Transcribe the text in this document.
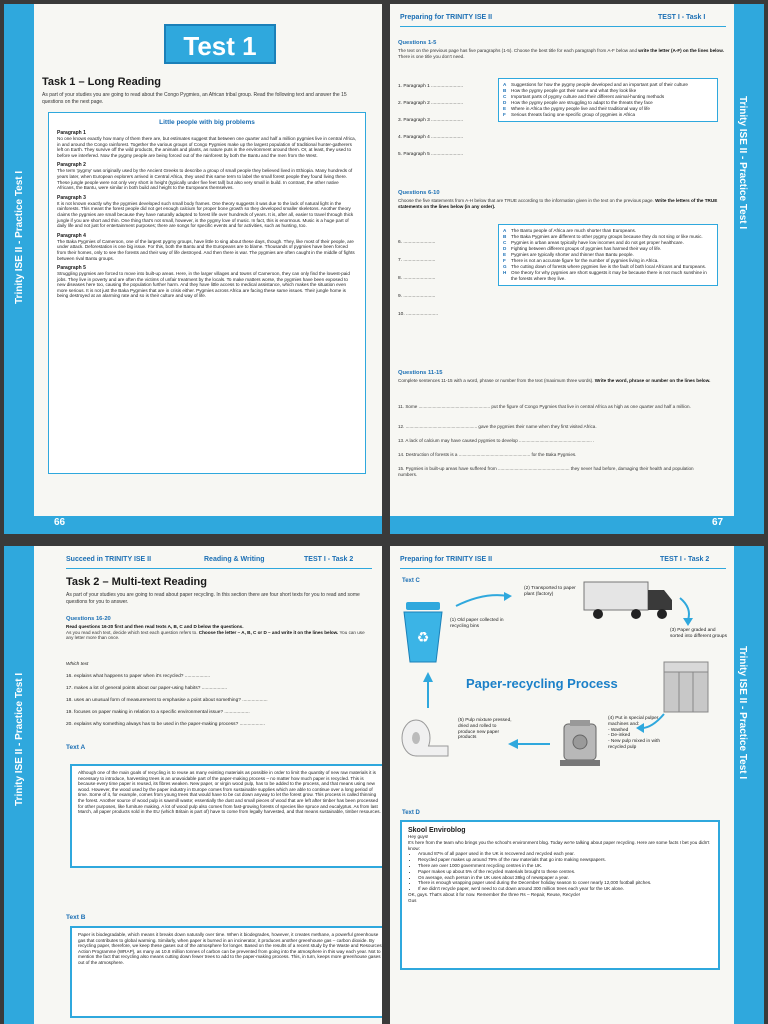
Trinity ISE II - Practice Test I
66
Test 1
Task 1 – Long Reading
As part of your studies you are going to read about the Congo Pygmies, an African tribal group. Read the following text and answer the 15 questions on the next page.
Little people with big problems
Paragraph 1
No one knows exactly how many of them there are, but estimates suggest that between one quarter and half a million pygmies live in central Africa, in and around the Congo rainforest. Together the various groups of Congo Pygmies make up the largest population of traditional hunter-gatherers left on Earth. They survive off the wild products, the animals and plants, as nature puts in the environment around them. Or, at least, they used to before we interfered. Now the pygmy people are being forced out of the rainforest by both the Bantu and the men from the West.
Paragraph 2
The term 'pygmy' was originally used by the Ancient Greeks to describe a group of small people they believed lived in Ethiopia. Many hundreds of years later, when European explorers arrived in Central Africa, they used this same term to label the small forest people they found living there. These jungle people were not only very short in height (typically under five feet tall) but also very small in build. In contrast, the other native Africans, the Bantu, were similar in both build and height to the Europeans themselves.
Paragraph 3
It is not known exactly why the pygmies developed such small body frames. One theory suggests it was due to the lack of natural light in the rainforests. This meant the forest people did not get enough calcium for proper bone growth so they developed smaller skeletons. Another theory claims the pygmies are small because they have naturally adapted to forest life over hundreds of years. It is, after all, easier to travel through thick jungle if you are short and thin. One thing that's not small, however, is the pygmy love of music. In fact, this is enormous. Music is a huge part of daily life and not just for entertainment purposes; there are songs for specific events and for activities, such as hunting, too.
Paragraph 4
The Baka Pygmies of Cameroon, one of the largest pygmy groups, have little to sing about these days, though. They, like most of their people, are under attack. Deforestation is one big issue. For this, both the Bantu and the Europeans are to blame. Thousands of pygmies have been forced from their homes, only to see the forests and their way of life destroyed. And then there is war. The pygmies are often caught in the middle of fights between rival Bantu groups.
Paragraph 5
Struggling pygmies are forced to move into built-up areas. Here, in the larger villages and towns of Cameroon, they can only find the lowest-paid jobs. They live in poverty and are often the victims of unfair treatment by the locals. To make matters worse, the pygmies have been exposed to new diseases here too, causing the population further harm. And they have little access to medical assistance, which makes the situation even more serious. It is not just the Baka Pygmies that are in crisis either. Pygmies across Africa are facing these same issues. Their jungle home is being destroyed at an alarming rate and so is their culture and way of life.
Trinity ISE II - Practice Test I
67
Preparing for TRINITY ISE II	TEST I - Task I
Questions 1-5
The text on the previous page has five paragraphs (1-5). Choose the best title for each paragraph from A-F below and write the letter (A-F) on the lines below. There is one title you don't need.
1. Paragraph 1 ........................
2. Paragraph 2 ........................
3. Paragraph 3 ........................
4. Paragraph 4 ........................
5. Paragraph 5 ........................
A	Suggestions for how the pygmy people developed and an important part of their culture
B	How the pygmy people got their name and what they look like
C	Important parts of pygmy culture and their different animal-hunting methods
D	How the pygmy people are struggling to adapt to the threats they face
E	Where in Africa the pygmy people live and their traditional way of life
F	Serious threats facing one specific group of pygmies in Africa
Questions 6-10
Choose the five statements from A-H below that are TRUE according to the information given in the text on the previous page. Write the letters of the TRUE statements on the lines below (in any order).
6. ........................
7. ........................
8. ........................
9. ........................
10. ........................
A	The Bantu people of Africa are much shorter than Europeans.
B	The Baka Pygmies are different to other pygmy groups because they do not sing or like music.
C	Pygmies in urban areas typically have low incomes and do not get proper healthcare.
D	Fighting between different groups of pygmies has harmed their way of life.
E	Pygmies are typically shorter and thinner than Bantu people.
F	There is not an accurate figure for the number of pygmies living in Africa.
G The cutting down of forests where pygmies live is the fault of both local Africans and Europeans.
H	One theory for why pygmies are short suggests it may be because there is not much sunshine in the forests where they live.
Questions 11-15
Complete sentences 11-15 with a word, phrase or number from the text (maximum three words). Write the word, phrase or number on the lines below.
11. Some ........................................................ put the figure of Congo Pygmies that live in central Africa as high as one quarter and half a million.
12. ........................................................ gave the pygmies their name when they first visited Africa.
13. A lack of calcium may have caused pygmies to develop ......................................................... .
14. Destruction of forests is a ........................................................ for the Baka Pygmies.
15. Pygmies in built-up areas have suffered from ........................................................ they never had before, damaging their health and population numbers.
Trinity ISE II - Practice Test I
Succeed in TRINITY ISE II	Reading & Writing	TEST I - Task 2
Task 2 – Multi-text Reading
As part of your studies you are going to read about paper recycling. In this section there are four short texts for you to read and some questions for you to answer.
Questions 16-20
Read questions 16-20 first and then read texts A, B, C and D below the questions.
As you read each text, decide which text each question refers to. Choose the letter – A, B, C or D – and write it on the lines below. You can use any letter more than once.
Which text
16. explains what happens to paper when it's recycled? ...................
17. makes a lot of general points about our paper-using habits? ...................
18. uses an unusual form of measurement to emphasise a point about something? ...................
19. focuses on paper making in relation to a specific environmental issue? ...................
20. explains why something always has to be used in the paper-making process? ...................
Text A
Although one of the main goals of recycling is to reuse as many existing materials as possible in order to limit the quantity of new raw materials it is necessary to introduce, harvesting trees is an unavoidable part of the paper-making process – no matter how much paper is recycled. This is because every time paper is reused, its fibres weaken. New paper, or virgin wood pulp, has to be added to the process, and that means using new wood. However, the wood used by the paper industry in Europe comes from sustainable supplies which are able to continue over a long period of time. Some of it, for example, comes from young trees that would have to be cut down anyway to let the forest grow. This process is called thinning the forest. Another source of wood pulp is sawmill waste; essentially the dust and small pieces of wood that are left after timber has been processed for other purposes, like furniture making. A lot of wood pulp also comes from fast-growing forests of species like spruce and eucalyptus. As from last March, all paper products sold in the EU (which Britain is part of) have to come from legally harvested, and that means sustainable, timber resources.
Text B
Paper is biodegradable, which means it breaks down naturally over time. When it biodegrades, however, it creates methane, a powerful greenhouse gas that contributes to global warming. Similarly, when paper is burned in an incinerator, it produces another greenhouse gas – carbon dioxide. By recycling paper, therefore, we keep these gases out of the atmosphere for longer. Based on the results of a recent study by the Waste and Resources Action Programme (WRAP), as many as 10.8 million tonnes of carbon can be prevented from going into the atmosphere in this way each year. Not to mention the fact that recycling also means cutting down fewer trees to add to the paper-making process. This, in turn, keeps more greenhouse gases out of the atmosphere.
Trinity ISE II - Practice Test I
Preparing for TRINITY ISE II	TEST I - Task 2
Text C
♻
(1) Old paper collected in recycling bins
(2) Transported to paper plant (factory)
(3) Paper graded and sorted into different groups
Paper-recycling Process
(4) Put in special pulper machines and:
- Washed
- De-inked
- New pulp mixed in with recycled pulp
(5) Pulp mixture pressed, dried and rolled to produce new paper products
Text D
Skool Enviroblog
Hey guys!
It's here from the team who brings you the school's environment blog. Today we're talking about paper recycling. Here are some facts I bet you didn't know:
• Around 87% of all paper used in the UK is recovered and recycled each year.
• Recycled paper makes up around 79% of the raw materials that go into making newspapers.
• There are over 1000 government recycling centres in the UK.
• Paper makes up about 5% of the recycled materials brought to these centres.
• On average, each person in the UK uses about 38kg of newspaper a year.
• There is enough wrapping paper used during the December holiday season to cover nearly 12,000 football pitches.
• If we didn't recycle paper, we'd need to cut down around 300 million trees each year for the UK alone.
OK, guys. That's about it for now. Remember the three Rs – Repair, Reuse, Recycle!
Gus
